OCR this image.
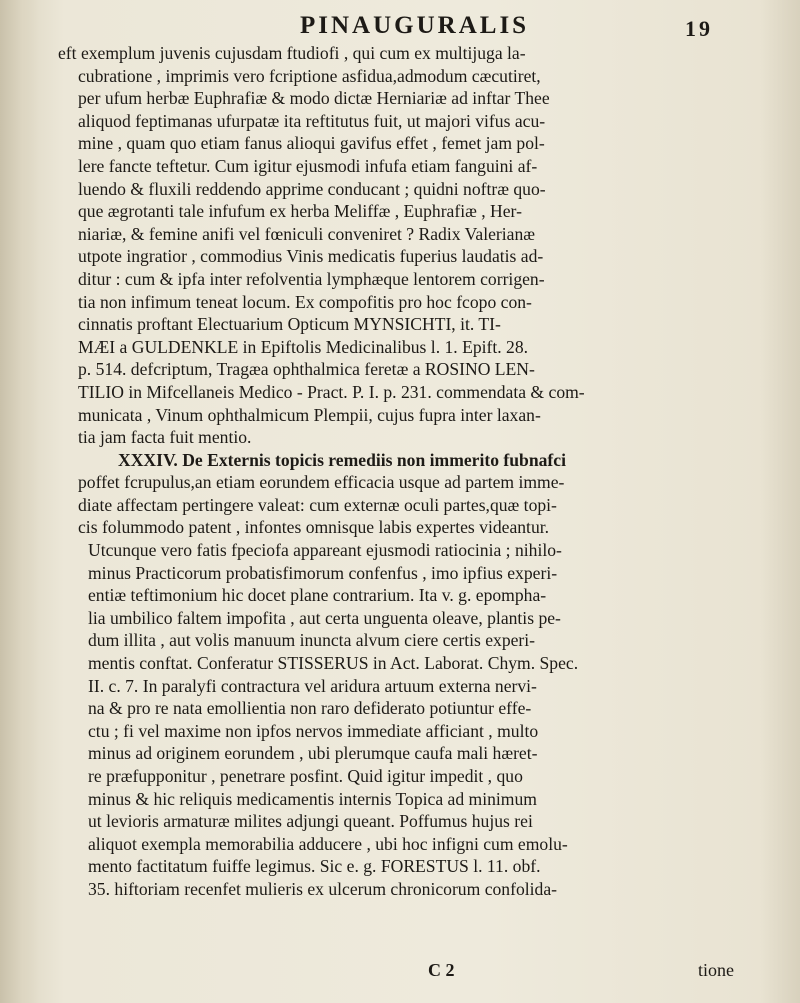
PINAUGURALIS	19
eft exemplum juvenis cujusdam ftudiofi , qui cum ex multijuga la-
cubratione , imprimis vero fcriptione asfidua,admodum cæcutiret,
per ufum herbæ Euphrafiæ & modo dictæ Herniariæ ad inftar Thee
aliquod feptimanas ufurpatæ ita reftitutus fuit, ut majori vifus acu-
mine , quam quo etiam fanus alioqui gavifus effet , femet jam pol-
lere fancte teftetur. Cum igitur ejusmodi infufa etiam fanguini af-
luendo & fluxili reddendo apprime conducant ; quidni noftræ quo-
que ægrotanti tale infufum ex herba Meliffæ , Euphrafiæ , Her-
niariæ, & femine anifi vel fœniculi conveniret ? Radix Valerianæ
utpote ingratior , commodius Vinis medicatis fuperius laudatis ad-
ditur : cum & ipfa inter refolventia lymphæque lentorem corrigen-
tia non infimum teneat locum. Ex compofitis pro hoc fcopo con-
cinnatis proftant Electuarium Opticum MYNSICHTI, it. TI-
MÆI a GULDENKLE in Epiftolis Medicinalibus l. 1. Epift. 28.
p. 514. defcriptum, Tragæa ophthalmica feretæ a ROSINO LEN-
TILIO in Mifcellaneis Medico - Pract. P. I. p. 231. commendata & com-
municata , Vinum ophthalmicum Plempii, cujus fupra inter laxan-
tia jam facta fuit mentio.
XXXIV. De Externis topicis remediis non immerito fubnafci
poffet fcrupulus,an etiam eorundem efficacia usque ad partem imme-
diate affectam pertingere valeat: cum externæ oculi partes,quæ topi-
cis folummodo patent , infontes omnisque labis expertes videantur.
Utcunque vero fatis fpeciofa appareant ejusmodi ratiocinia ; nihilo-
minus Practicorum probatisfimorum confenfus , imo ipfius experi-
entiæ teftimonium hic docet plane contrarium. Ita v. g. epompha-
lia umbilico faltem impofita , aut certa unguenta oleave, plantis pe-
dum illita , aut volis manuum inuncta alvum ciere certis experi-
mentis conftat. Conferatur STISSERUS in Act. Laborat. Chym. Spec.
II. c. 7. In paralyfi contractura vel aridura artuum externa nervi-
na & pro re nata emollientia non raro defiderato potiuntur effe-
ctu ; fi vel maxime non ipfos nervos immediate afficiant , multo
minus ad originem eorundem , ubi plerumque caufa mali hæret-
re præfupponitur , penetrare posfint. Quid igitur impedit , quo
minus & hic reliquis medicamentis internis Topica ad minimum
ut levioris armaturæ milites adjungi queant. Poffumus hujus rei
aliquot exempla memorabilia adducere , ubi hoc infigni cum emolu-
mento factitatum fuiffe legimus. Sic e. g. FORESTUS l. 11. obf.
35. hiftoriam recenfet mulieris ex ulcerum chronicorum confolida-
C 2	tione
